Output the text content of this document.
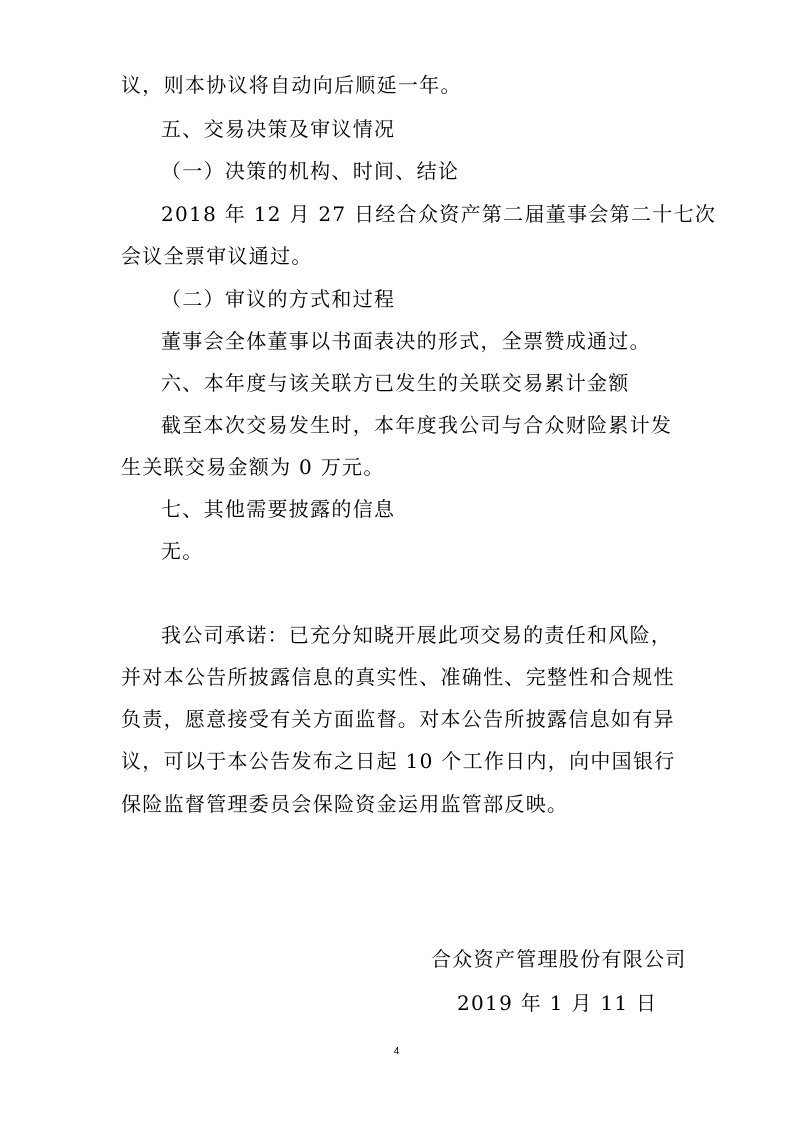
议，则本协议将自动向后顺延一年。
五、交易决策及审议情况
（一）决策的机构、时间、结论
2018 年 12 月 27 日经合众资产第二届董事会第二十七次
会议全票审议通过。
（二）审议的方式和过程
董事会全体董事以书面表决的形式，全票赞成通过。
六、本年度与该关联方已发生的关联交易累计金额
截至本次交易发生时，本年度我公司与合众财险累计发
生关联交易金额为 0 万元。
七、其他需要披露的信息
无。
我公司承诺：已充分知晓开展此项交易的责任和风险，
并对本公告所披露信息的真实性、准确性、完整性和合规性
负责，愿意接受有关方面监督。对本公告所披露信息如有异
议，可以于本公告发布之日起 10 个工作日内，向中国银行
保险监督管理委员会保险资金运用监管部反映。
合众资产管理股份有限公司
2019 年 1 月 11 日
4
